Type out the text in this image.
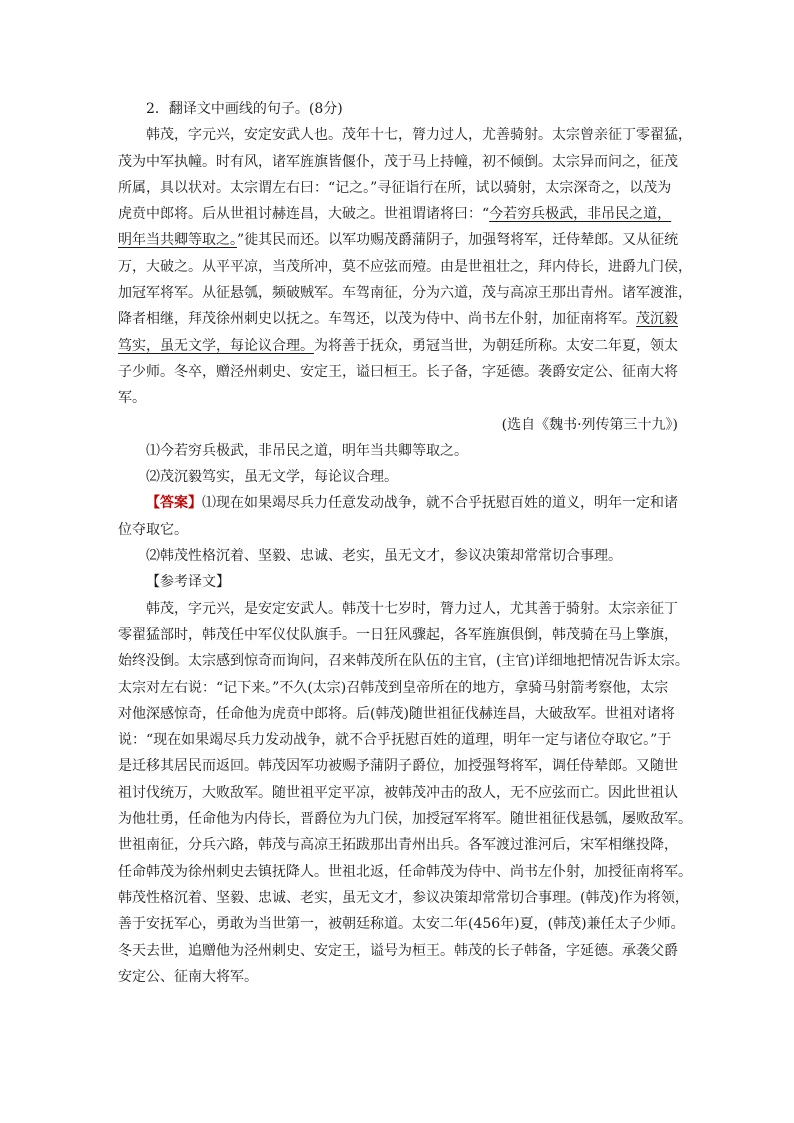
2．翻译文中画线的句子。(8分)
韩茂，字元兴，安定安武人也。茂年十七，膂力过人，尤善骑射。太宗曾亲征丁零翟猛，
茂为中军执幢。时有风，诸军旌旗皆偃仆，茂于马上持幢，初不倾倒。太宗异而问之，征茂
所属，具以状对。太宗谓左右曰：“记之。”寻征诣行在所，试以骑射，太宗深奇之，以茂为
虎贲中郎将。后从世祖讨赫连昌，大破之。世祖谓诸将曰：“今若穷兵极武，非吊民之道，
明年当共卿等取之。”徙其民而还。以军功赐茂爵蒲阴子，加强弩将军，迁侍辇郎。又从征统
万，大破之。从平平凉，当茂所冲，莫不应弦而殪。由是世祖壮之，拜内侍长，进爵九门侯，
加冠军将军。从征悬瓠，频破贼军。车驾南征，分为六道，茂与高凉王那出青州。诸军渡淮，
降者相继，拜茂徐州刺史以抚之。车驾还，以茂为侍中、尚书左仆射，加征南将军。茂沉毅
笃实，虽无文学，每论议合理。为将善于抚众，勇冠当世，为朝廷所称。太安二年夏，领太
子少师。冬卒，赠泾州刺史、安定王，谥曰桓王。长子备，字延德。袭爵安定公、征南大将
军。
(选自《魏书·列传第三十九》)
⑴今若穷兵极武，非吊民之道，明年当共卿等取之。
⑵茂沉毅笃实，虽无文学，每论议合理。
【答案】⑴现在如果竭尽兵力任意发动战争，就不合乎抚慰百姓的道义，明年一定和诸
位夺取它。
⑵韩茂性格沉着、坚毅、忠诚、老实，虽无文才，参议决策却常常切合事理。
【参考译文】
韩茂，字元兴，是安定安武人。韩茂十七岁时，膂力过人，尤其善于骑射。太宗亲征丁
零翟猛部时，韩茂任中军仪仗队旗手。一日狂风骤起，各军旌旗倶倒，韩茂骑在马上擎旗，
始终没倒。太宗感到惊奇而询问，召来韩茂所在队伍的主官，(主官)详细地把情况告诉太宗。
太宗对左右说：“记下来。”不久(太宗)召韩茂到皇帝所在的地方，拿骑马射箭考察他，太宗
对他深感惊奇，任命他为虎贲中郎将。后(韩茂)随世祖征伐赫连昌，大破敌军。世祖对诸将
说：“现在如果竭尽兵力发动战争，就不合乎抚慰百姓的道理，明年一定与诸位夺取它。”于
是迁移其居民而返回。韩茂因军功被赐予蒲阴子爵位，加授强弩将军，调任侍辇郎。又随世
祖讨伐统万，大败敌军。随世祖平定平凉，被韩茂冲击的敌人，无不应弦而亡。因此世祖认
为他壮勇，任命他为内侍长，晋爵位为九门侯，加授冠军将军。随世祖征伐悬瓠，屡败敌军。
世祖南征，分兵六路，韩茂与高凉王拓跋那出青州出兵。各军渡过淮河后，宋军相继投降，
任命韩茂为徐州刺史去镇抚降人。世祖北返，任命韩茂为侍中、尚书左仆射，加授征南将军。
韩茂性格沉着、坚毅、忠诚、老实，虽无文才，参议决策却常常切合事理。(韩茂)作为将领，
善于安抚军心，勇敢为当世第一，被朝廷称道。太安二年(456年)夏，(韩茂)兼任太子少师。
冬天去世，追赠他为泾州刺史、安定王，谥号为桓王。韩茂的长子韩备，字延德。承袭父爵
安定公、征南大将军。
